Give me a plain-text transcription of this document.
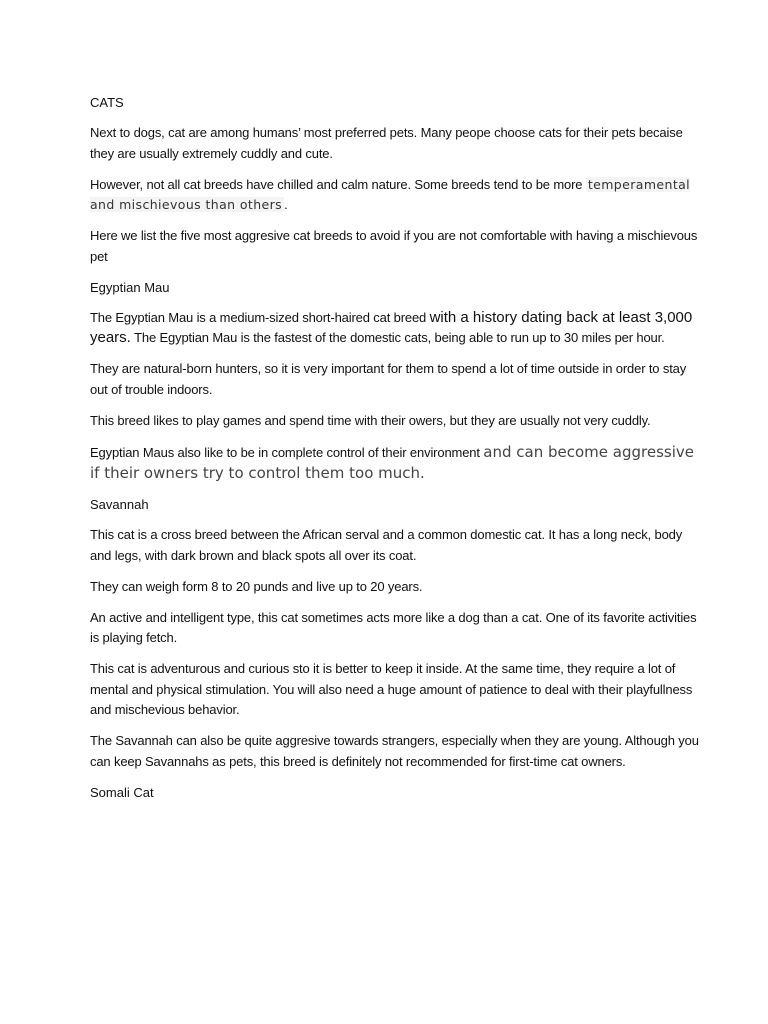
CATS

Next to dogs, cat are among humans’ most preferred pets. Many peope choose cats for their pets becaise they are usually extremely cuddly and cute.

However, not all cat breeds have chilled and calm nature. Some breeds tend to be more temperamental and mischievous than others .

Here we list the five most aggresive cat breeds to avoid if you are not comfortable with having a mischievous pet

Egyptian Mau

The Egyptian Mau is a medium-sized short-haired cat breed with a history dating back at least 3,000 years. The Egyptian Mau is the fastest of the domestic cats, being able to run up to 30 miles per hour.

They are natural-born hunters, so it is very important for them to spend a lot of time outside in order to stay out of trouble indoors.

This breed likes to play games and spend time with their owers, but they are usually not very cuddly.

Egyptian Maus also like to be in complete control of their environment and can become aggressive if their owners try to control them too much.

Savannah

This cat is a cross breed between the African serval and a common domestic cat. It has a long neck, body and legs, with dark brown and black spots all over its coat.

They can weigh form 8 to 20 punds and live up to 20 years.

An active and intelligent type, this cat sometimes acts more like a dog than a cat. One of its favorite activities is playing fetch.

This cat is adventurous and curious sto it is better to keep it inside. At the same time, they require a lot of mental and physical stimulation. You will also need a huge amount of patience to deal with their playfullness and mischevious behavior.

The Savannah can also be quite aggresive towards strangers, especially when they are young. Although you can keep Savannahs as pets, this breed is definitely not recommended for first-time cat owners.

Somali Cat
